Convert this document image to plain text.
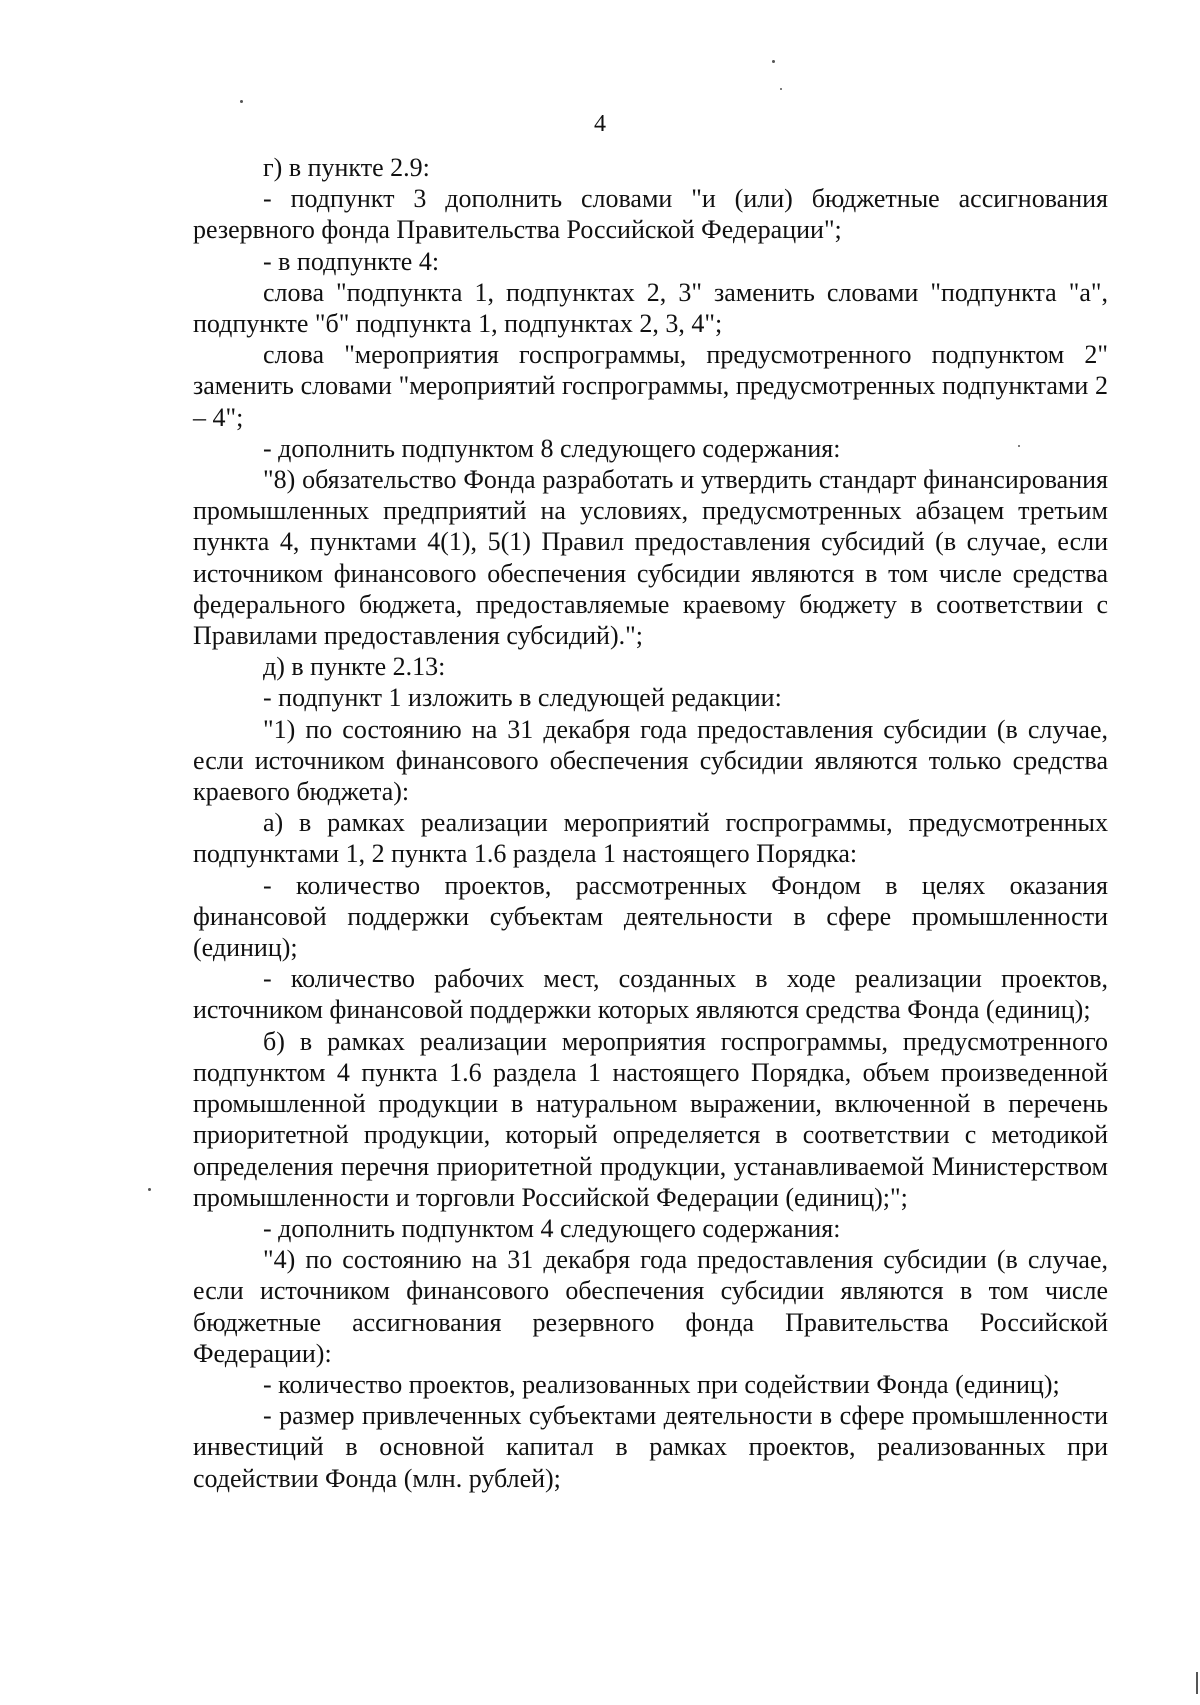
4

г) в пункте 2.9:

- подпункт 3 дополнить словами "и (или) бюджетные ассигнования резервного фонда Правительства Российской Федерации";

- в подпункте 4:

слова "подпункта 1, подпунктах 2, 3" заменить словами "подпункта "а", подпункте "б" подпункта 1, подпунктах 2, 3, 4";

слова "мероприятия госпрограммы, предусмотренного подпунктом 2" заменить словами "мероприятий госпрограммы, предусмотренных подпунктами 2 – 4";

- дополнить подпунктом 8 следующего содержания:

"8) обязательство Фонда разработать и утвердить стандарт финансирования промышленных предприятий на условиях, предусмотренных абзацем третьим пункта 4, пунктами 4(1), 5(1) Правил предоставления субсидий (в случае, если источником финансового обеспечения субсидии являются в том числе средства федерального бюджета, предоставляемые краевому бюджету в соответствии с Правилами предоставления субсидий).";

д) в пункте 2.13:

- подпункт 1 изложить в следующей редакции:

"1) по состоянию на 31 декабря года предоставления субсидии (в случае, если источником финансового обеспечения субсидии являются только средства краевого бюджета):

а) в рамках реализации мероприятий госпрограммы, предусмотренных подпунктами 1, 2 пункта 1.6 раздела 1 настоящего Порядка:

- количество проектов, рассмотренных Фондом в целях оказания финансовой поддержки субъектам деятельности в сфере промышленности (единиц);

- количество рабочих мест, созданных в ходе реализации проектов, источником финансовой поддержки которых являются средства Фонда (единиц);

б) в рамках реализации мероприятия госпрограммы, предусмотренного подпунктом 4 пункта 1.6 раздела 1 настоящего Порядка, объем произведенной промышленной продукции в натуральном выражении, включенной в перечень приоритетной продукции, который определяется в соответствии с методикой определения перечня приоритетной продукции, устанавливаемой Министерством промышленности и торговли Российской Федерации (единиц);";

- дополнить подпунктом 4 следующего содержания:

"4) по состоянию на 31 декабря года предоставления субсидии (в случае, если источником финансового обеспечения субсидии являются в том числе бюджетные ассигнования резервного фонда Правительства Российской Федерации):

- количество проектов, реализованных при содействии Фонда (единиц);

- размер привлеченных субъектами деятельности в сфере промышленности инвестиций в основной капитал в рамках проектов, реализованных при содействии Фонда (млн. рублей);
